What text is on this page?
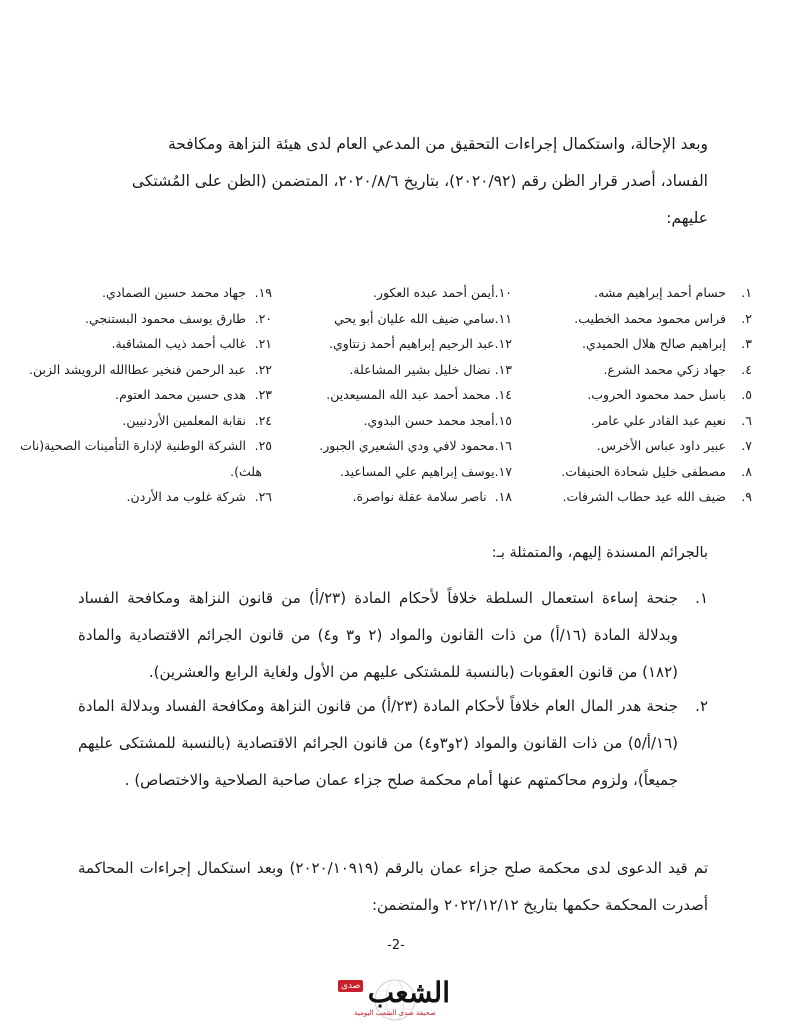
وبعد الإحالة، واستكمال إجراءات التحقيق من المدعي العام لدى هيئة النزاهة ومكافحة
الفساد، أصدر قرار الظن رقم (٢٠٢٠/٩٢)، بتاريخ ٢٠٢٠/٨/٦، المتضمن (الظن على المُشتكى
عليهم:
١. حسام أحمد إبراهيم مشه.
٢. فراس محمود محمد الخطيب.
٣. إبراهيم صالح هلال الحميدي.
٤. جهاد زكي محمد الشرع.
٥. باسل حمد محمود الحروب.
٦. نعيم عبد القادر علي عامر.
٧. عبير داود عباس الأخرس.
٨. مصطفى خليل شحادة الحنيفات.
٩. ضيف الله عيد حطاب الشرفات.
١٠.أيمن أحمد عبده العكور.
١١.سامي ضيف الله عليان أبو يحي
١٢.عبد الرحيم إبراهيم أحمد زنتاوي.
١٣. نضال خليل بشير المشاعلة.
١٤. محمد أحمد عبد الله المسيعدين.
١٥.أمجد محمد حسن البدوي.
١٦.محمود لافي ودي الشعيري الجبور.
١٧.يوسف إبراهيم علي المساعيد.
١٨.  ناصر سلامة عقلة نواصرة.
١٩. جهاد محمد حسين الصمادي.
٢٠. طارق يوسف محمود البستنجي.
٢١. غالب أحمد ذيب المشاقبة.
٢٢. عبد الرحمن فنخير عطاالله الرويشد الزبن.
٢٣. هدى حسين محمد العتوم.
٢٤. نقابة المعلمين الأردنيين.
٢٥. الشركة الوطنية لإدارة التأمينات الصحية(نات
هلث).
٢٦. شركة غلوب مد الأردن.
بالجرائم المسندة إليهم، والمتمثلة بـ:
١.
جنحة إساءة استعمال السلطة خلافاً لأحكام المادة (٢٣/أ) من قانون النزاهة ومكافحة الفساد وبدلالة المادة (١٦/أ) من ذات القانون والمواد (٢ و٣ و٤) من قانون الجرائم الاقتصادية والمادة (١٨٢) من قانون العقوبات (بالنسبة للمشتكى عليهم من الأول ولغاية الرابع والعشرين).
٢.
جنحة هدر المال العام خلافاً لأحكام المادة (٢٣/أ) من قانون النزاهة ومكافحة الفساد وبدلالة المادة (١٦/أ/٥) من ذات القانون والمواد (٢و٣و٤) من قانون الجرائم الاقتصادية (بالنسبة للمشتكى عليهم جميعاً)، ولزوم محاكمتهم عنها أمام محكمة صلح جزاء عمان صاحبة الصلاحية والاختصاص) .
تم قيد الدعوى لدى محكمة صلح جزاء عمان بالرقم (٢٠٢٠/١٠٩١٩) وبعد استكمال إجراءات المحاكمة أصدرت المحكمة حكمها بتاريخ ٢٠٢٢/١٢/١٢ والمتضمن:
-2-
الشعب
صدى
صحيفة صدى الشعب اليومية
